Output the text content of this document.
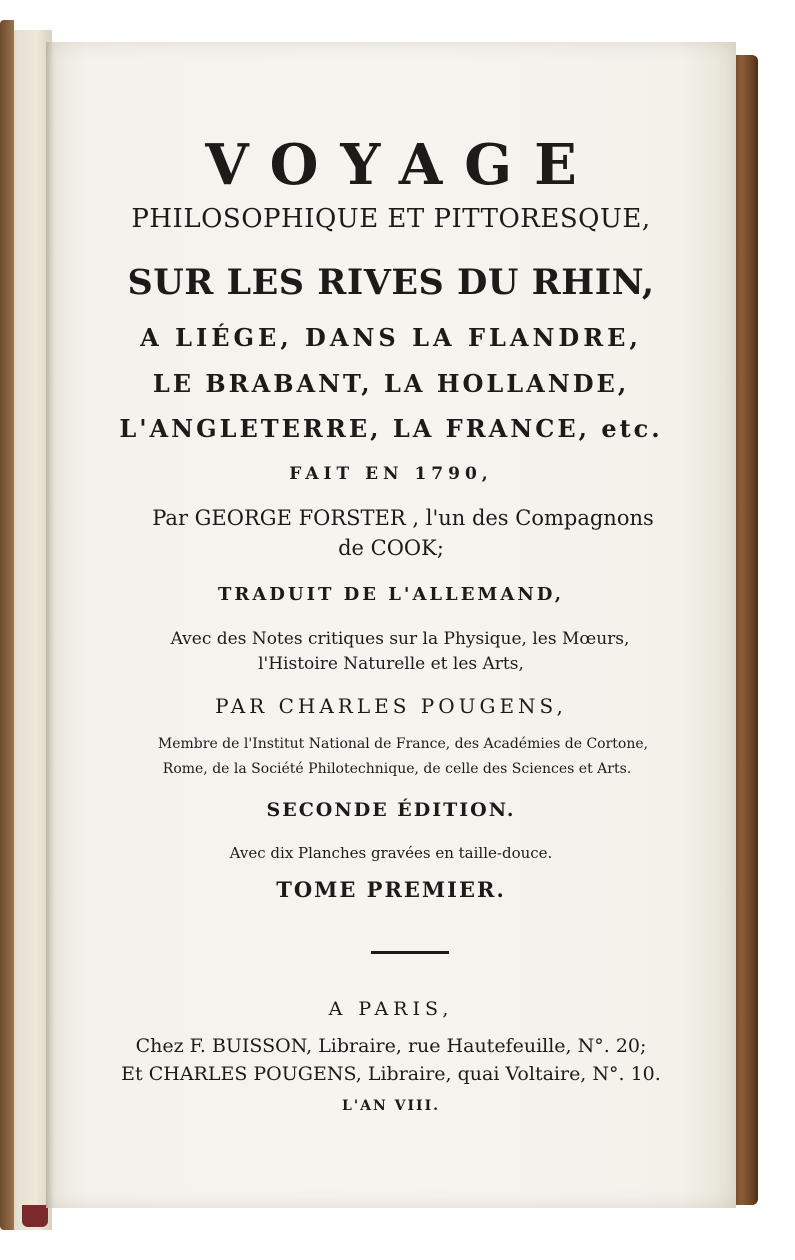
VOYAGE
PHILOSOPHIQUE ET PITTORESQUE,
SUR LES RIVES DU RHIN,
A LIÉGE, DANS LA FLANDRE,
LE BRABANT, LA HOLLANDE,
L'ANGLETERRE, LA FRANCE, etc.
FAIT EN 1790,
Par GEORGE FORSTER , l'un des Compagnons
de COOK;
TRADUIT DE L'ALLEMAND,
Avec des Notes critiques sur la Physique, les Mœurs,
l'Histoire Naturelle et les Arts,
PAR CHARLES POUGENS,
Membre de l'Institut National de France, des Académies de Cortone,
Rome, de la Société Philotechnique, de celle des Sciences et Arts.
SECONDE ÉDITION.
Avec dix Planches gravées en taille-douce.
TOME PREMIER.
A PARIS,
Chez F. BUISSON, Libraire, rue Hautefeuille, N°. 20;
Et CHARLES POUGENS, Libraire, quai Voltaire, N°. 10.
L'AN VIII.
